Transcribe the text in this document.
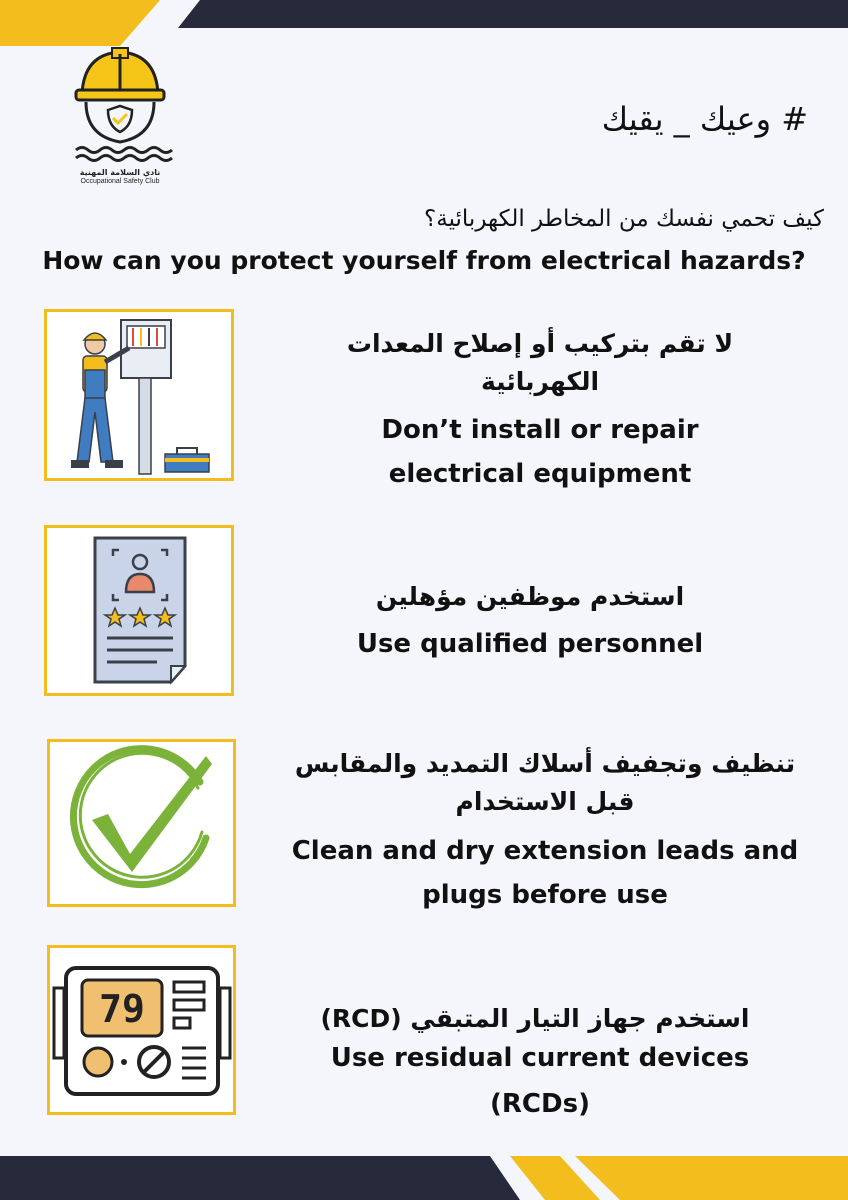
نادي السلامة المهنية
Occupational Safety Club
# وعيك _ يقيك
كيف تحمي نفسك من المخاطر الكهربائية؟
How can you protect yourself from electrical hazards?
لا تقم بتركيب أو إصلاح المعدات الكهربائية
Don’t install or repair electrical equipment
استخدم موظفين مؤهلين
Use qualified personnel
تنظيف وتجفيف أسلاك التمديد والمقابس قبل الاستخدام
Clean and dry extension leads and plugs before use
79	استخدم جهاز التيار المتبقي (RCD)
Use residual current devices (RCDs)
